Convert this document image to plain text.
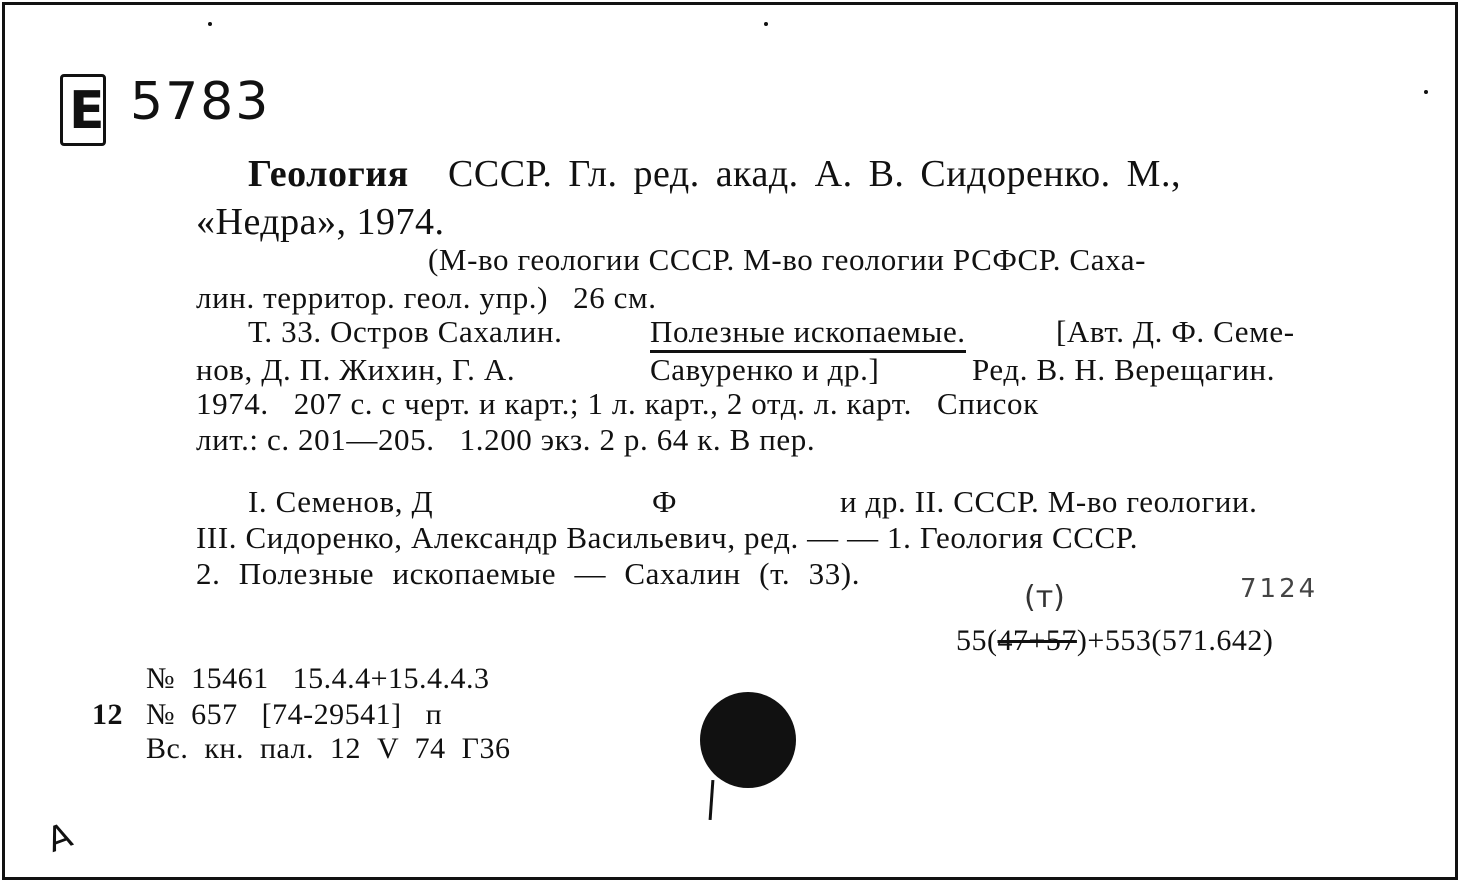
E 5783
Геология СССР. Гл. ред. акад. А. В. Сидоренко. М.,
«Недра», 1974.
(М-во геологии СССР. М-во геологии РСФСР. Саха-
лин. территор. геол. упр.)   26 см.
Т. 33. Остров Сахалин.	Полезные ископаемые.	[Авт. Д. Ф. Семе-
нов, Д. П. Жихин, Г. А.	Савуренко и др.]	Ред. В. Н. Верещагин.
1974.   207 с. с черт. и карт.; 1 л. карт., 2 отд. л. карт.   Список
лит.: с. 201—205.   1.200 экз. 2 р. 64 к. В пер.
I. Семенов, Д	Ф	и др. II. СССР. М-во геологии.
III. Сидоренко, Александр Васильевич, ред. — — 1. Геология СССР.
2. Полезные ископаемые — Сахалин (т. 33).
(т)	7124
55(47+57)+553(571.642)
№  15461   15.4.4+15.4.4.3
12 №  657   [74-29541]   п
Вс.  кн.  пал.  12  V  74  Г36
А
